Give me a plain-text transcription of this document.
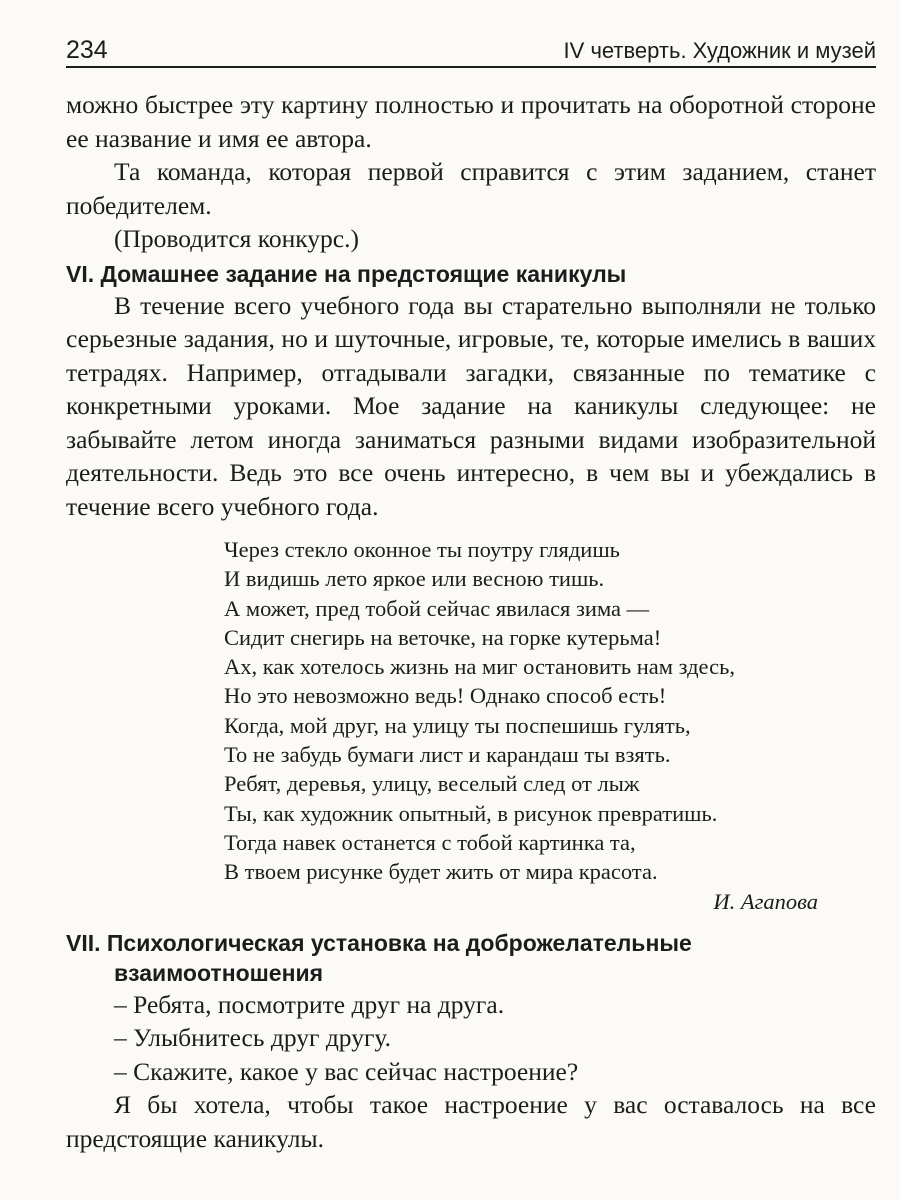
234	IV четверть. Художник и музей

можно быстрее эту картину полностью и прочитать на оборотной стороне ее название и имя ее автора.

Та команда, которая первой справится с этим заданием, станет победителем.

(Проводится конкурс.)

VI. Домашнее задание на предстоящие каникулы

В течение всего учебного года вы старательно выполняли не только серьезные задания, но и шуточные, игровые, те, которые имелись в ваших тетрадях. Например, отгадывали загадки, связанные по тематике с конкретными уроками. Мое задание на каникулы следующее: не забывайте летом иногда заниматься разными видами изобразительной деятельности. Ведь это все очень интересно, в чем вы и убеждались в течение всего учебного года.

Через стекло оконное ты поутру глядишь
И видишь лето яркое или весною тишь.
А может, пред тобой сейчас явилася зима —
Сидит снегирь на веточке, на горке кутерьма!
Ах, как хотелось жизнь на миг остановить нам здесь,
Но это невозможно ведь! Однако способ есть!
Когда, мой друг, на улицу ты поспешишь гулять,
То не забудь бумаги лист и карандаш ты взять.
Ребят, деревья, улицу, веселый след от лыж
Ты, как художник опытный, в рисунок превратишь.
Тогда навек останется с тобой картинка та,
В твоем рисунке будет жить от мира красота.
И. Агапова
VII. Психологическая установка на доброжелательные взаимоотношения

– Ребята, посмотрите друг на друга.

– Улыбнитесь друг другу.

– Скажите, какое у вас сейчас настроение?

Я бы хотела, чтобы такое настроение у вас оставалось на все предстоящие каникулы.
